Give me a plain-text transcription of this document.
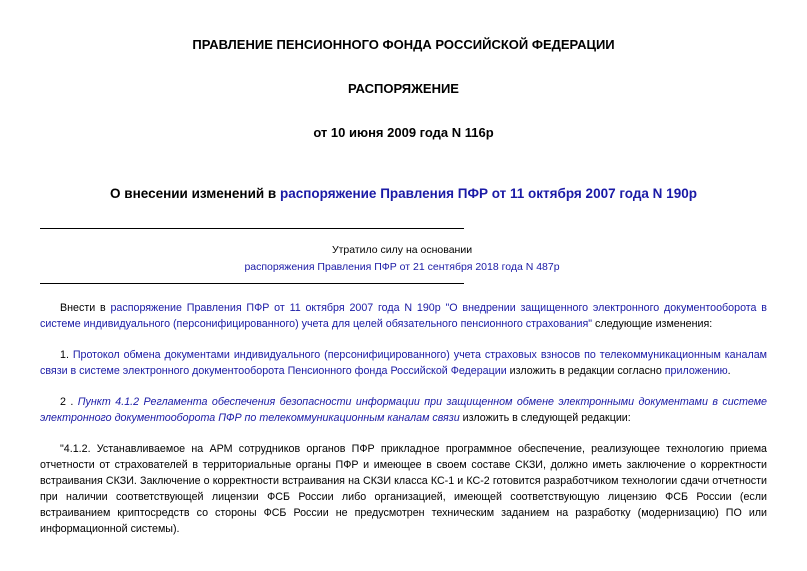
ПРАВЛЕНИЕ ПЕНСИОННОГО ФОНДА РОССИЙСКОЙ ФЕДЕРАЦИИ
РАСПОРЯЖЕНИЕ
от 10 июня 2009 года N 116р
О внесении изменений в распоряжение Правления ПФР от 11 октября 2007 года N 190р
Утратило силу на основании
распоряжения Правления ПФР от 21 сентября 2018 года N 487р
Внести в распоряжение Правления ПФР от 11 октября 2007 года N 190р "О внедрении защищенного электронного документооборота в системе индивидуального (персонифицированного) учета для целей обязательного пенсионного страхования" следующие изменения:
1. Протокол обмена документами индивидуального (персонифицированного) учета страховых взносов по телекоммуникационным каналам связи в системе электронного документооборота Пенсионного фонда Российской Федерации изложить в редакции согласно приложению.
2 . Пункт 4.1.2 Регламента обеспечения безопасности информации при защищенном обмене электронными документами в системе электронного документооборота ПФР по телекоммуникационным каналам связи изложить в следующей редакции:
"4.1.2. Устанавливаемое на АРМ сотрудников органов ПФР прикладное программное обеспечение, реализующее технологию приема отчетности от страхователей в территориальные органы ПФР и имеющее в своем составе СКЗИ, должно иметь заключение о корректности встраивания СКЗИ. Заключение о корректности встраивания на СКЗИ класса КС-1 и КС-2 готовится разработчиком технологии сдачи отчетности при наличии соответствующей лицензии ФСБ России либо организацией, имеющей соответствующую лицензию ФСБ России (если встраиванием криптосредств со стороны ФСБ России не предусмотрен техническим заданием на разработку (модернизацию) ПО или информационной системы).
